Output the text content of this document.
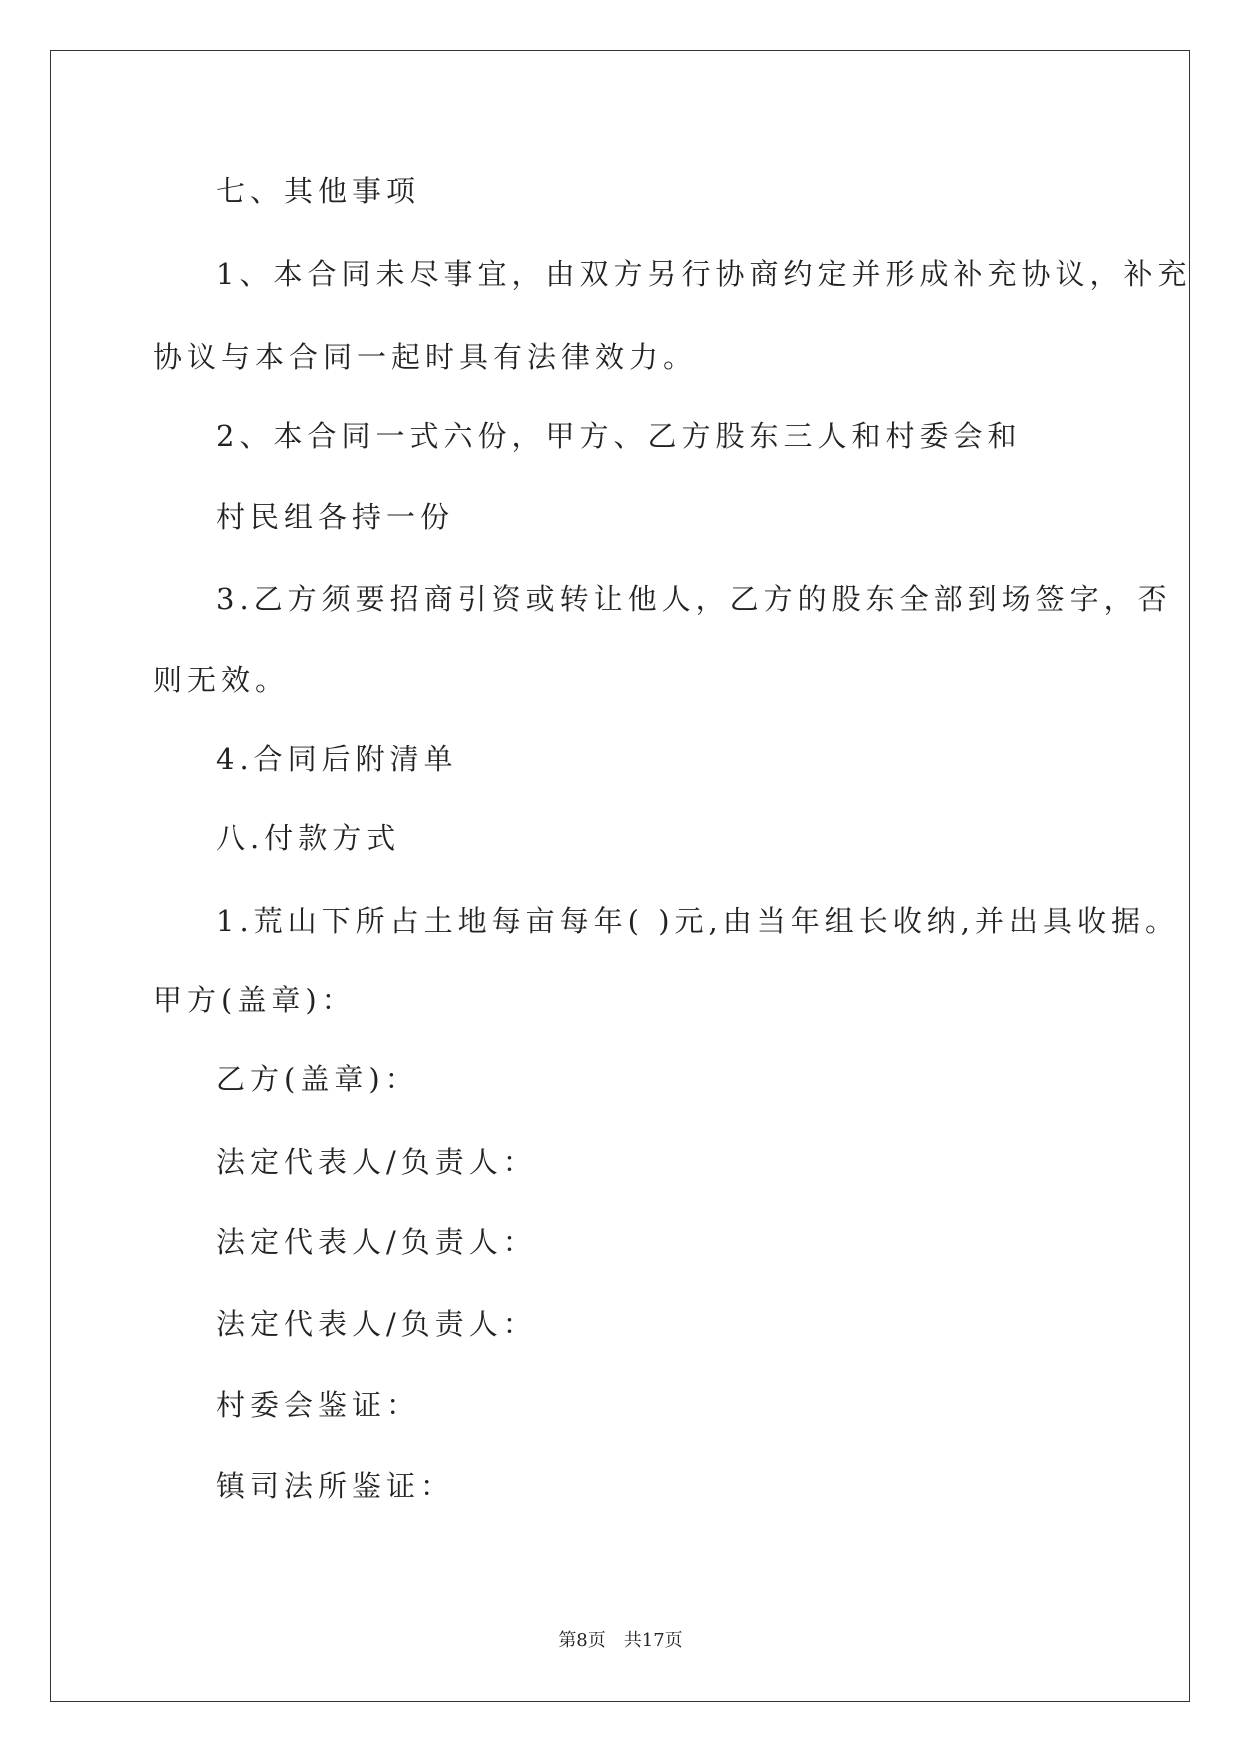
七、其他事项
1、本合同未尽事宜，由双方另行协商约定并形成补充协议，补充
协议与本合同一起时具有法律效力。
2、本合同一式六份，甲方、乙方股东三人和村委会和
村民组各持一份
3.乙方须要招商引资或转让他人，乙方的股东全部到场签字，否
则无效。
4.合同后附清单
八.付款方式
1.荒山下所占土地每亩每年( )元,由当年组长收纳,并出具收据。
甲方(盖章)：
乙方(盖章)：
法定代表人/负责人：
法定代表人/负责人：
法定代表人/负责人：
村委会鉴证：
镇司法所鉴证：
第8页　共17页
